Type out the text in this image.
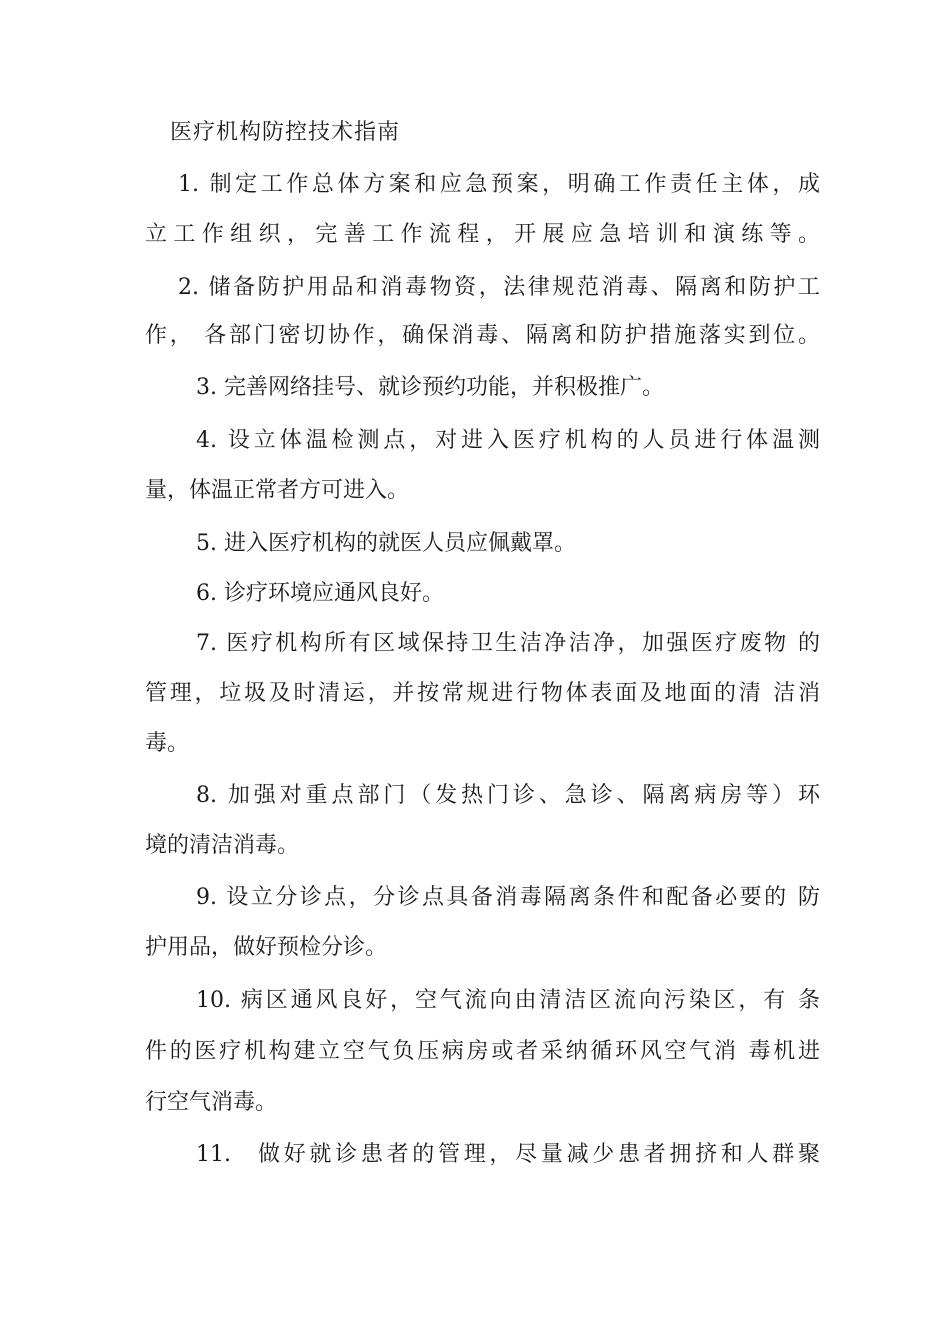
医疗机构防控技术指南
1. 制定工作总体方案和应急预案，明确工作责任主体，成
立工作组织，完善工作流程，开展应急培训和演练等。
2. 储备防护用品和消毒物资，法律规范消毒、隔离和防护工
作， 各部门密切协作，确保消毒、隔离和防护措施落实到位。
3. 完善网络挂号、就诊预约功能，并积极推广。
4. 设立体温检测点，对进入医疗机构的人员进行体温测
量，体温正常者方可进入。
5. 进入医疗机构的就医人员应佩戴罩。
6. 诊疗环境应通风良好。
7. 医疗机构所有区域保持卫生洁净洁净，加强医疗废物 的
管理，垃圾及时清运，并按常规进行物体表面及地面的清 洁消
毒。
8. 加强对重点部门（发热门诊、急诊、隔离病房等）环
境的清洁消毒。
9. 设立分诊点，分诊点具备消毒隔离条件和配备必要的 防
护用品，做好预检分诊。
10. 病区通风良好，空气流向由清洁区流向污染区，有 条
件的医疗机构建立空气负压病房或者采纳循环风空气消 毒机进
行空气消毒。
11.	做好就诊患者的管理，尽量减少患者拥挤和人群聚
